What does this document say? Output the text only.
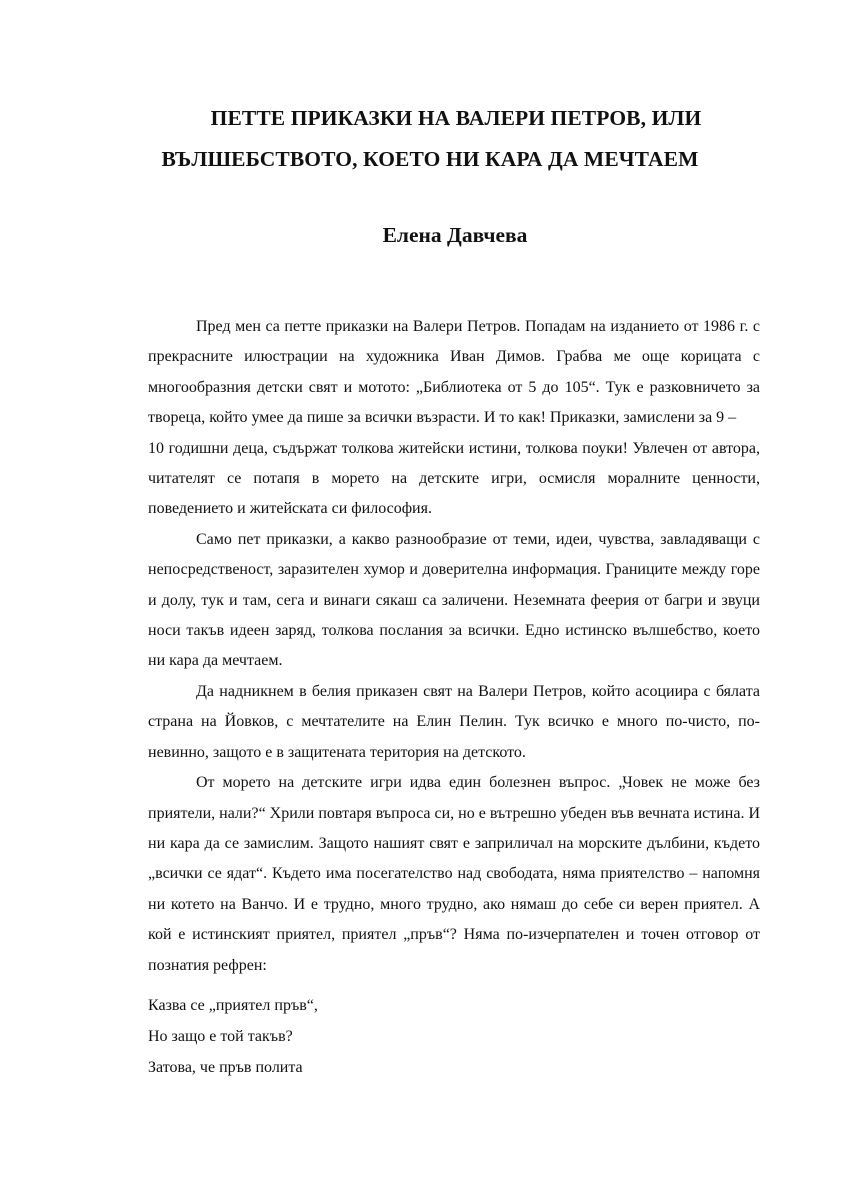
ПЕТТЕ ПРИКАЗКИ НА ВАЛЕРИ ПЕТРОВ, ИЛИ
ВЪЛШЕБСТВОТО, КОЕТО НИ КАРА ДА МЕЧТАЕМ
Елена Давчева
Пред мен са петте приказки на Валери Петров. Попадам на изданието от 1986 г. с
прекрасните илюстрации на художника Иван Димов. Грабва ме още корицата с
многообразния детски свят и мотото: „Библиотека от 5 до 105“. Тук е разковничето за
твореца, който умее да пише за всички възрасти. И то как! Приказки, замислени за 9 –
10 годишни деца, съдържат толкова житейски истини, толкова поуки! Увлечен от автора,
читателят се потапя в морето на детските игри, осмисля моралните ценности,
поведението и житейската си философия.
Само пет приказки, а какво разнообразие от теми, идеи, чувства, завладяващи с
непосредственост, заразителен хумор и доверителна информация. Границите между горе
и долу, тук и там, сега и винаги сякаш са заличени. Неземната феерия от багри и звуци
носи такъв идеен заряд, толкова послания за всички. Едно истинско вълшебство, което
ни кара да мечтаем.
Да надникнем в белия приказен свят на Валери Петров, който асоциира с бялата
страна на Йовков, с мечтателите на Елин Пелин. Тук всичко е много по-чисто, по-
невинно, защото е в защитената територия на детското.
От морето на детските игри идва един болезнен въпрос. „Човек не може без
приятели, нали?“ Хрили повтаря въпроса си, но е вътрешно убеден във вечната истина. И
ни кара да се замислим. Защото нашият свят е заприличал на морските дълбини, където
„всички се ядат“. Където има посегателство над свободата, няма приятелство – напомня
ни котето на Ванчо. И е трудно, много трудно, ако нямаш до себе си верен приятел. А
кой е истинският приятел, приятел „пръв“? Няма по-изчерпателен и точен отговор от
познатия рефрен:
Казва се „приятел пръв“,
Но защо е той такъв?
Затова, че пръв полита
